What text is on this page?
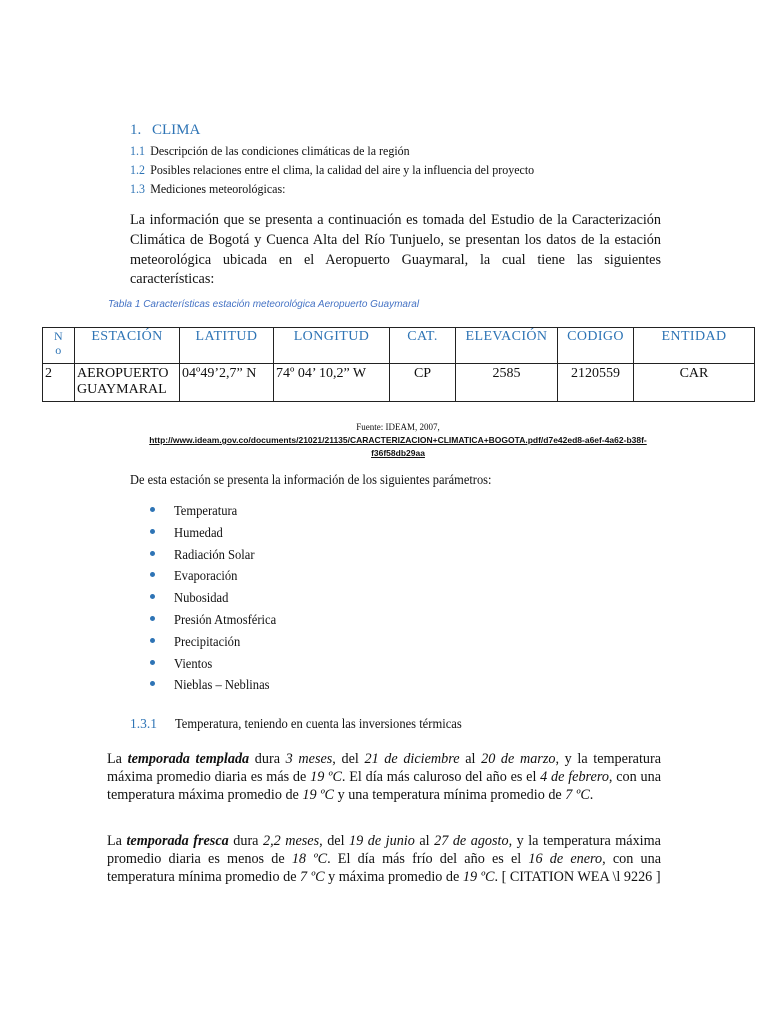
1. CLIMA
1.1 Descripción de las condiciones climáticas de la región
1.2 Posibles relaciones entre el clima, la calidad del aire y la influencia del proyecto
1.3 Mediciones meteorológicas:
La información que se presenta a continuación es tomada del Estudio de la Caracterización Climática de Bogotá y Cuenca Alta del Río Tunjuelo, se presentan los datos de la estación meteorológica ubicada en el Aeropuerto Guaymaral, la cual tiene las siguientes características:
Tabla 1 Características estación meteorológica Aeropuerto Guaymaral
N
o	ESTACIÓN	LATITUD	LONGITUD	CAT.	ELEVACIÓN	CODIGO	ENTIDAD
2	AEROPUERTO
GUAYMARAL	04º49’2,7” N	74º 04’ 10,2” W	CP	2585	2120559	CAR
Fuente: IDEAM, 2007,
http://www.ideam.gov.co/documents/21021/21135/CARACTERIZACION+CLIMATICA+BOGOTA.pdf/d7e42ed8-a6ef-4a62-b38f-
f36f58db29aa
De esta estación se presenta la información de los siguientes parámetros:
Temperatura
Humedad
Radiación Solar
Evaporación
Nubosidad
Presión Atmosférica
Precipitación
Vientos
Nieblas – Neblinas
1.3.1 Temperatura, teniendo en cuenta las inversiones térmicas
La temporada templada dura 3 meses, del 21 de diciembre al 20 de marzo, y la temperatura máxima promedio diaria es más de 19 ºC. El día más caluroso del año es el 4 de febrero, con una temperatura máxima promedio de 19 ºC y una temperatura mínima promedio de 7 ºC.
La temporada fresca dura 2,2 meses, del 19 de junio al 27 de agosto, y la temperatura máxima promedio diaria es menos de 18 ºC. El día más frío del año es el 16 de enero, con una temperatura mínima promedio de 7 ºC y máxima promedio de 19 ºC. [ CITATION WEA \l 9226 ]
